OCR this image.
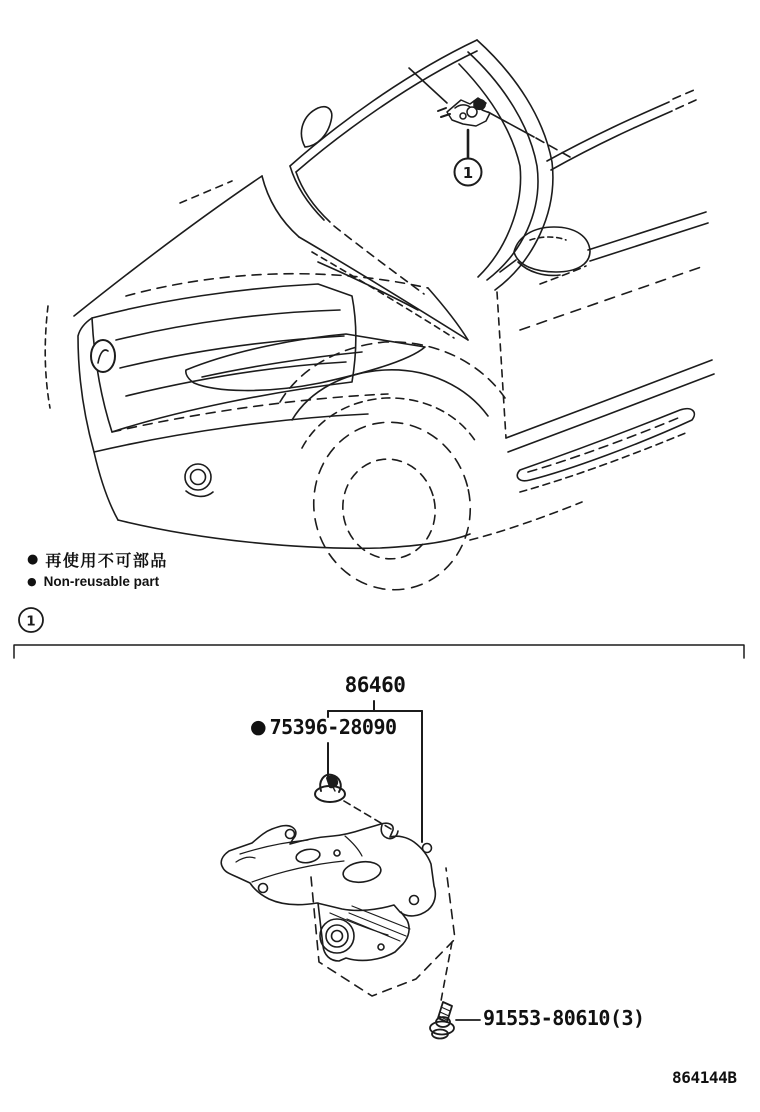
1
1
● 再使用不可部品
● Non-reusable part
86460
● 75396-28090
91553-80610(3)
864144B
